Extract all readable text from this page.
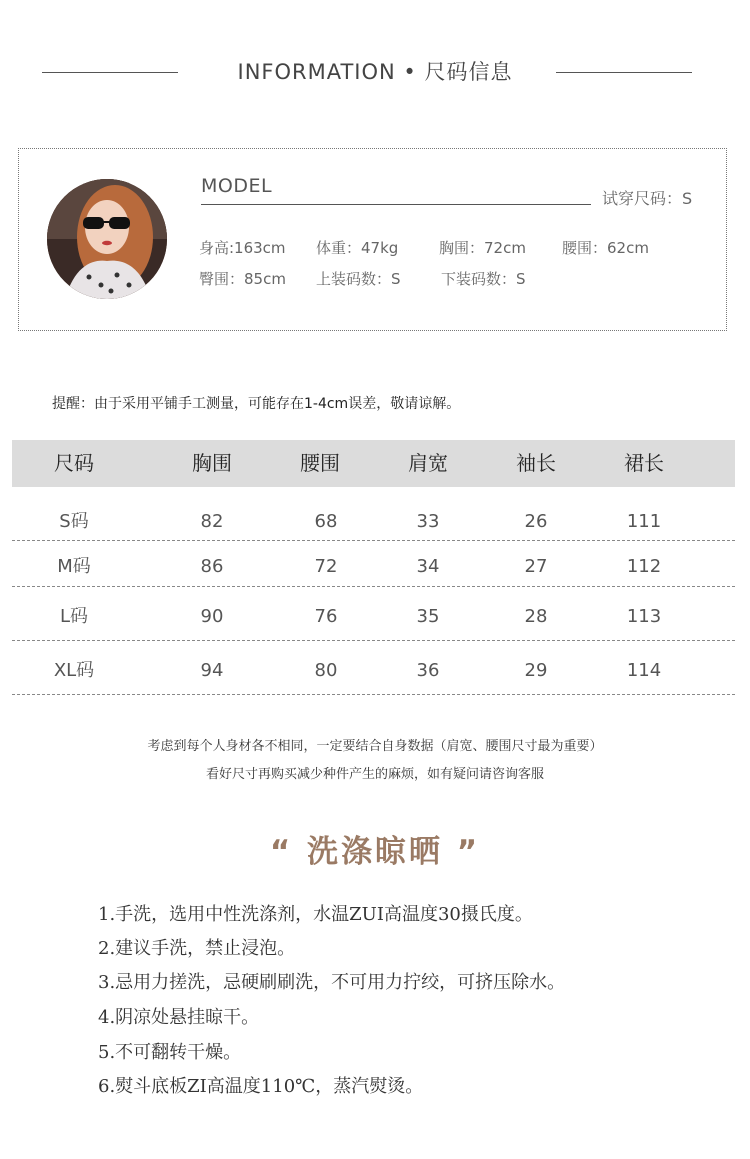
INFORMATION • 尺码信息
MODEL
试穿尺码：S
身高:163cm 体重：47kg	胸围：72cm 腰围：62cm
臀围：85cm 上装码数：S	下装码数：S
提醒：由于采用平铺手工测量，可能存在1-4cm误差，敬请谅解。
尺码	胸围	腰围	肩宽	袖长	裙长
S码	82	68	33	26	111
M码	86	72	34	27	112
L码	90	76	35	28	113
XL码	94	80	36	29	114
考虑到每个人身材各不相同，一定要结合自身数据（肩宽、腰围尺寸最为重要）
看好尺寸再购买减少种件产生的麻烦，如有疑问请咨询客服
“ 洗涤晾晒 ”
1.手洗，选用中性洗涤剂，水温ZUI高温度30摄氏度。
2.建议手洗，禁止浸泡。
3.忌用力搓洗，忌硬刷刷洗，不可用力拧绞，可挤压除水。
4.阴凉处悬挂晾干。
5.不可翻转干燥。
6.熨斗底板ZI高温度110℃，蒸汽熨烫。
